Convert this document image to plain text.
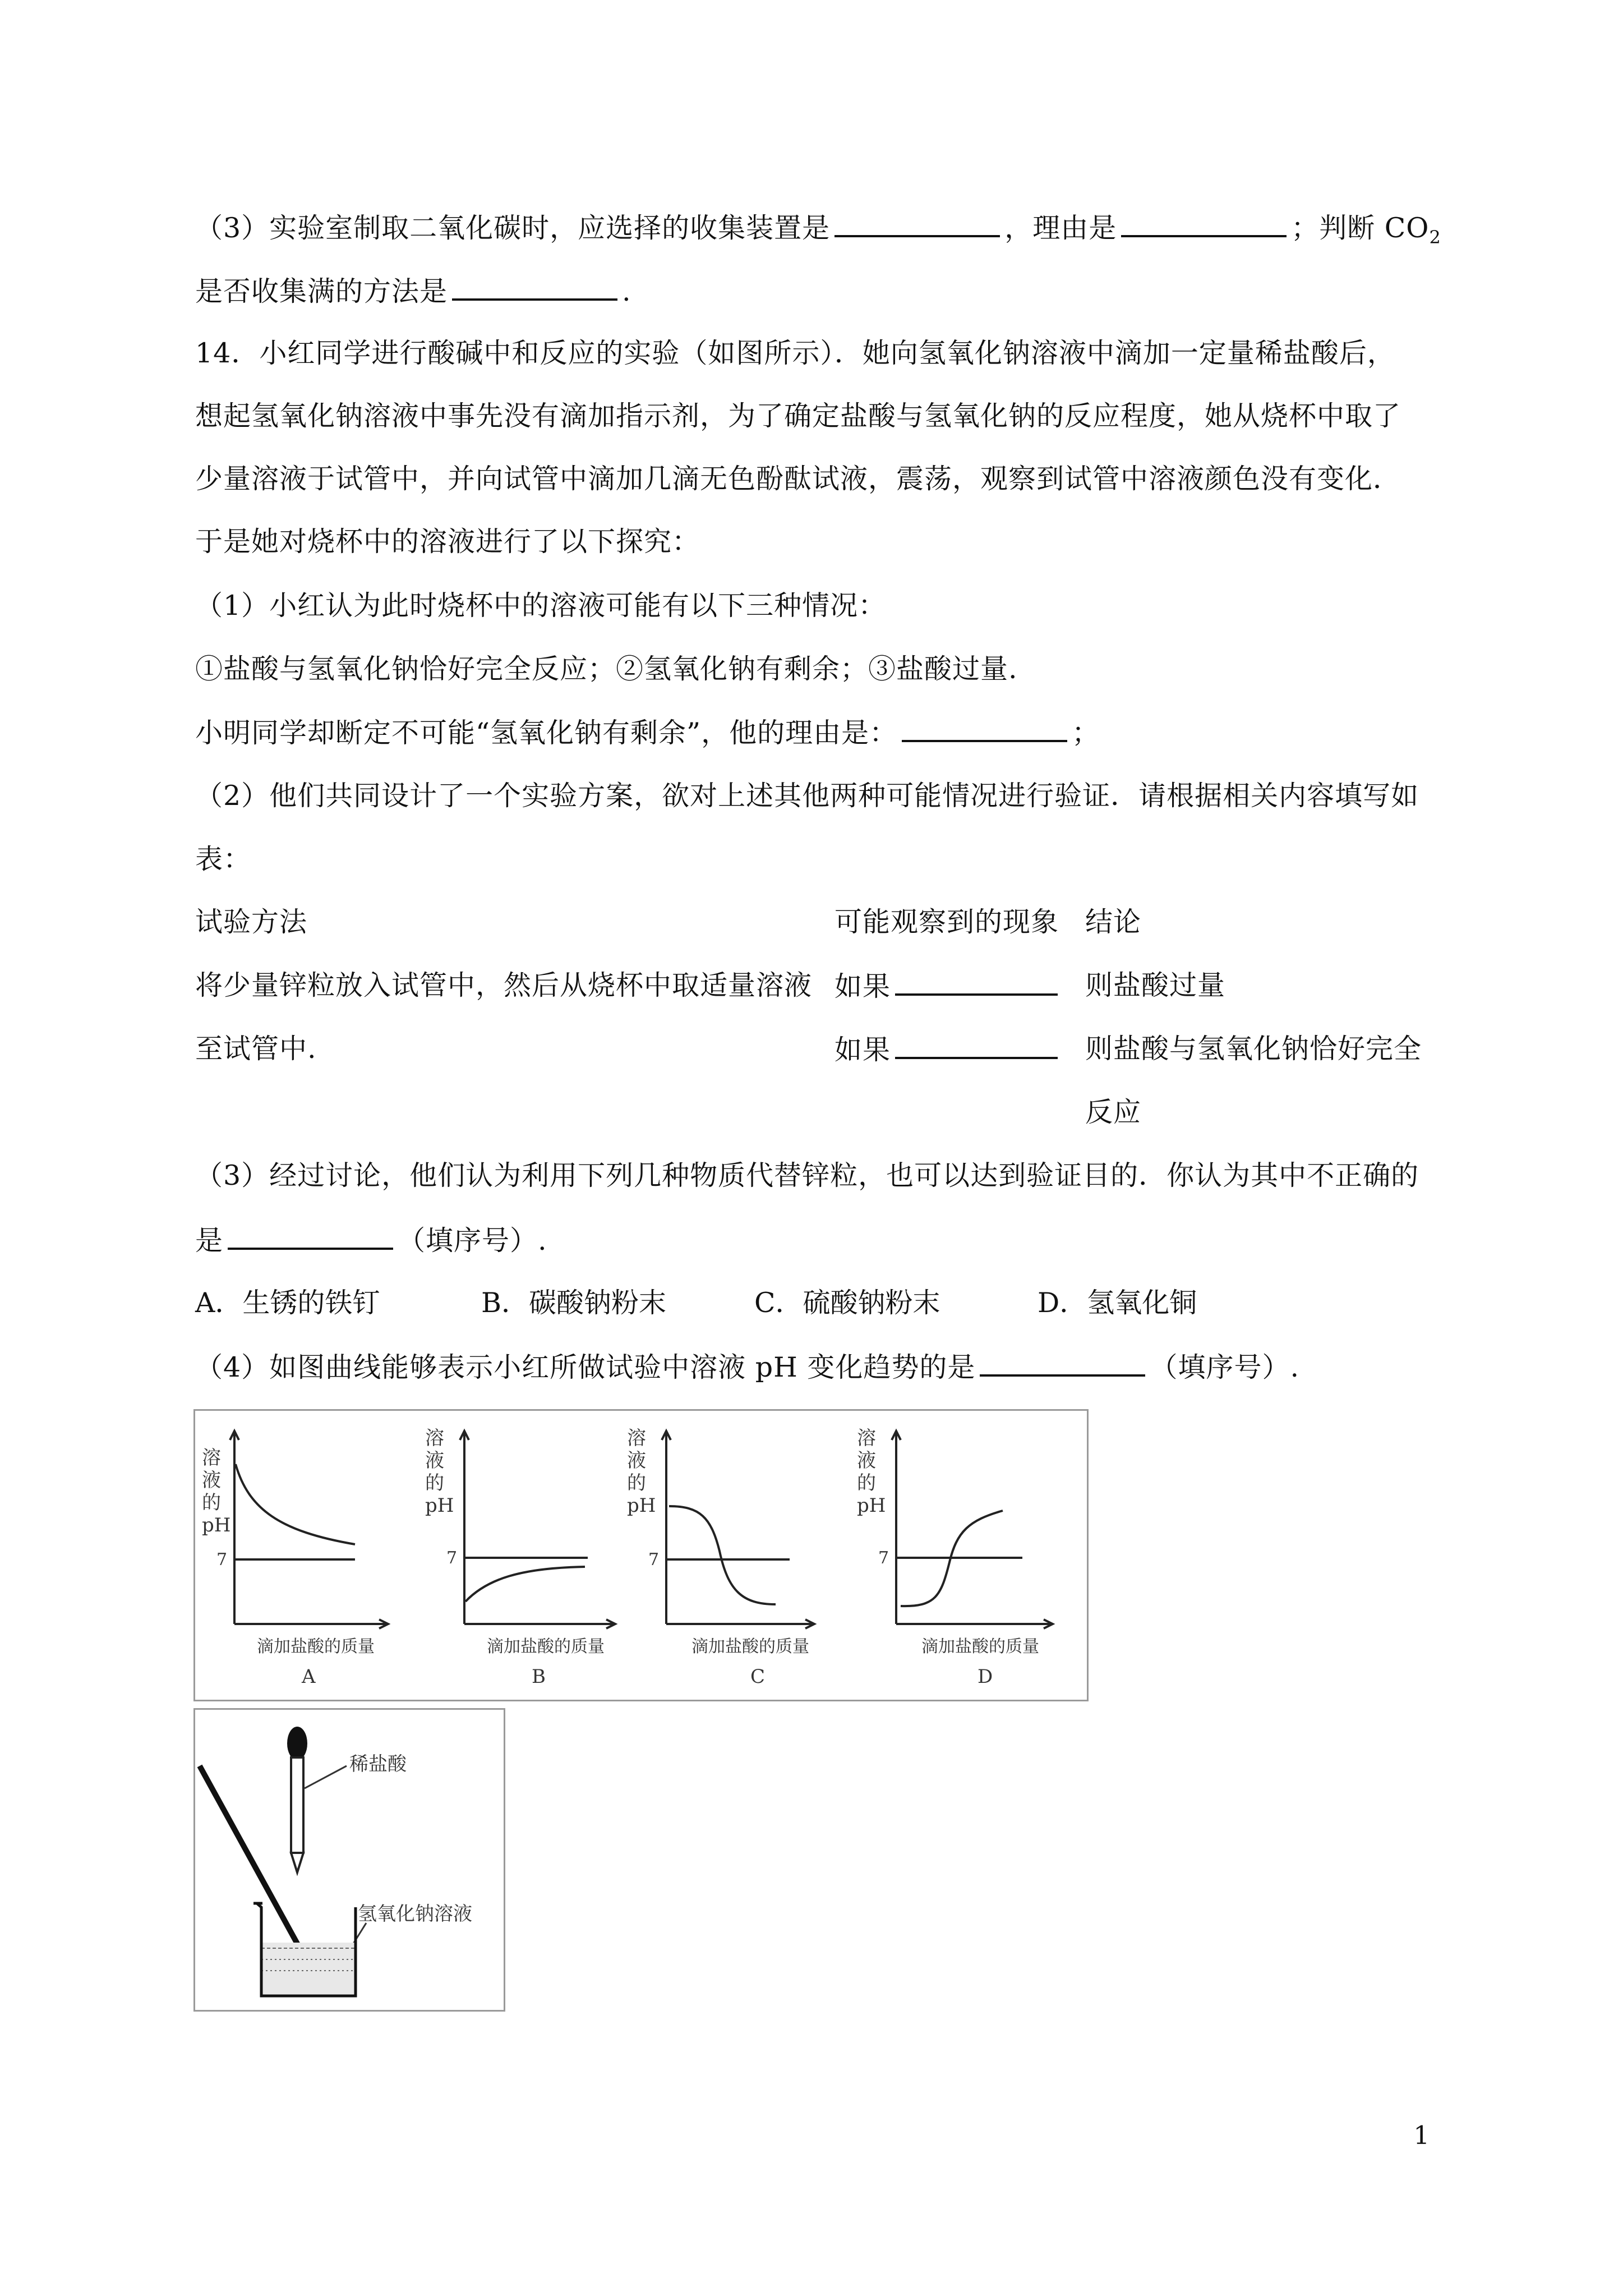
（3）实验室制取二氧化碳时，应选择的收集装置是	，理由是	；判断 $CO_2$
是否收集满的方法是	.
14．小红同学进行酸碱中和反应的实验（如图所示）．她向氢氧化钠溶液中滴加一定量稀盐酸后，
想起氢氧化钠溶液中事先没有滴加指示剂，为了确定盐酸与氢氧化钠的反应程度，她从烧杯中取了
少量溶液于试管中，并向试管中滴加几滴无色酚酞试液，震荡，观察到试管中溶液颜色没有变化．
于是她对烧杯中的溶液进行了以下探究：
（1）小红认为此时烧杯中的溶液可能有以下三种情况：
①盐酸与氢氧化钠恰好完全反应；②氢氧化钠有剩余；③盐酸过量.
小明同学却断定不可能“氢氧化钠有剩余”，他的理由是：	；
（2）他们共同设计了一个实验方案，欲对上述其他两种可能情况进行验证．请根据相关内容填写如
表：
试验方法	可能观察到的现象 结论
将少量锌粒放入试管中，然后从烧杯中取适量溶液 如果	则盐酸过量
至试管中.	如果	则盐酸与氢氧化钠恰好完全
反应
（3）经过讨论，他们认为利用下列几种物质代替锌粒，也可以达到验证目的．你认为其中不正确的
是	（填序号）.
A．生锈的铁钉	B．碳酸钠粉末	C．硫酸钠粉末	D．氢氧化铜
（4）如图曲线能够表示小红所做试验中溶液 pH 变化趋势的是	（填序号）.
溶
液
的
pH
溶
液
的
pH
溶
液
的
pH
溶
液
的
pH
7	7	7	7
滴加盐酸的质量	滴加盐酸的质量	滴加盐酸的质量	滴加盐酸的质量
A	B	C	D
稀盐酸
氢氧化钠溶液
1
